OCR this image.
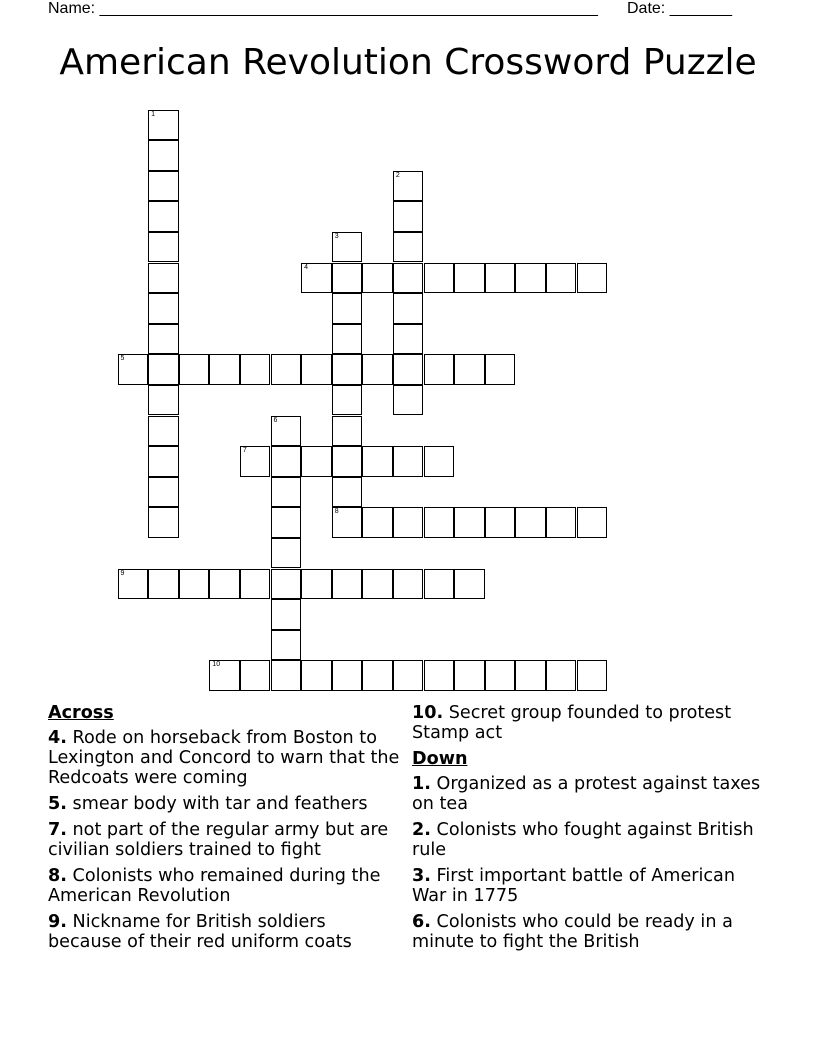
Name: ________________________________________________________ Date: _______
American Revolution Crossword Puzzle
1
2
3
4
5
6
7
8
9
10
Across
4. Rode on horseback from Boston to Lexington and Concord to warn that the Redcoats were coming
5. smear body with tar and feathers
7. not part of the regular army but are civilian soldiers trained to fight
8. Colonists who remained during the American Revolution
9. Nickname for British soldiers because of their red uniform coats
10. Secret group founded to protest Stamp act
Down
1. Organized as a protest against taxes on tea
2. Colonists who fought against British rule
3. First important battle of American War in 1775
6. Colonists who could be ready in a minute to fight the British
